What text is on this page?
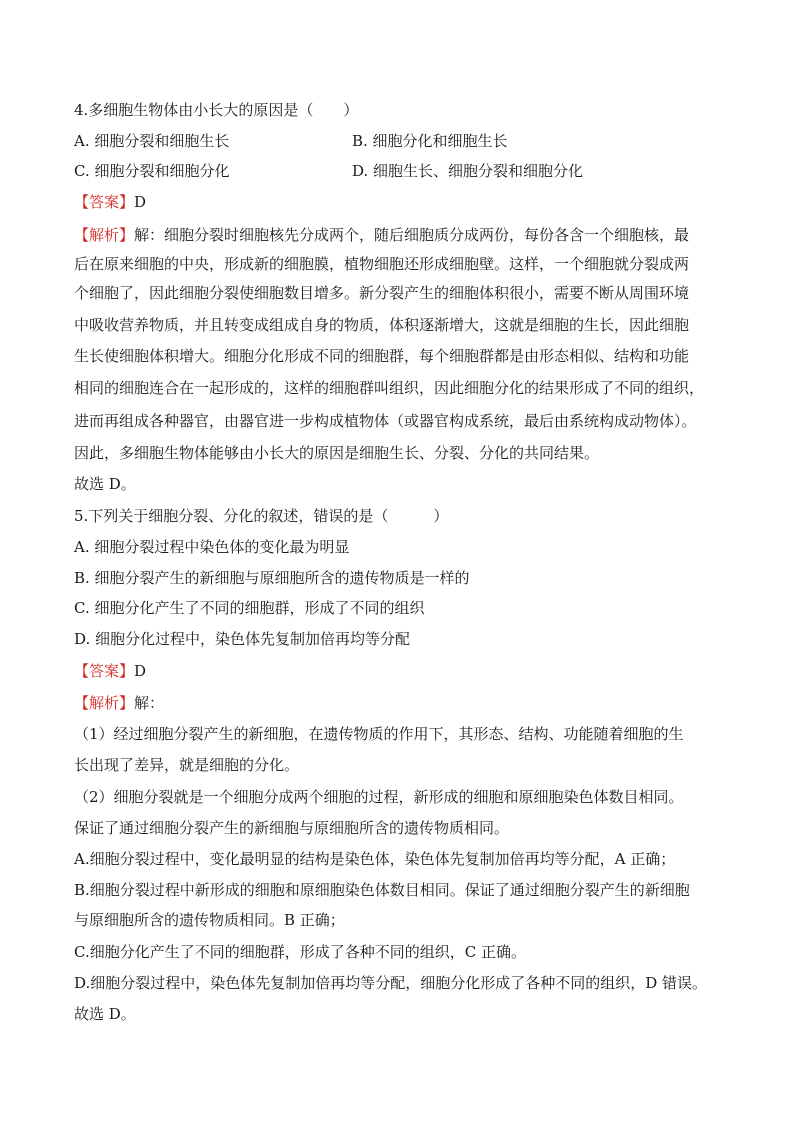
4.多细胞生物体由小长大的原因是（　　）

A. 细胞分裂和细胞生长	B. 细胞分化和细胞生长

C. 细胞分裂和细胞分化	D. 细胞生长、细胞分裂和细胞分化

【答案】D

【解析】解：细胞分裂时细胞核先分成两个，随后细胞质分成两份，每份各含一个细胞核，最

后在原来细胞的中央，形成新的细胞膜，植物细胞还形成细胞壁。这样，一个细胞就分裂成两

个细胞了，因此细胞分裂使细胞数目增多。新分裂产生的细胞体积很小，需要不断从周围环境

中吸收营养物质，并且转变成组成自身的物质，体积逐渐增大，这就是细胞的生长，因此细胞

生长使细胞体积增大。细胞分化形成不同的细胞群，每个细胞群都是由形态相似、结构和功能

相同的细胞连合在一起形成的，这样的细胞群叫组织，因此细胞分化的结果形成了不同的组织，

进而再组成各种器官，由器官进一步构成植物体（或器官构成系统，最后由系统构成动物体）。

因此，多细胞生物体能够由小长大的原因是细胞生长、分裂、分化的共同结果。

故选 D。

5.下列关于细胞分裂、分化的叙述，错误的是（　　　）

A. 细胞分裂过程中染色体的变化最为明显

B. 细胞分裂产生的新细胞与原细胞所含的遗传物质是一样的

C. 细胞分化产生了不同的细胞群，形成了不同的组织

D. 细胞分化过程中，染色体先复制加倍再均等分配

【答案】D

【解析】解：

（1）经过细胞分裂产生的新细胞，在遗传物质的作用下，其形态、结构、功能随着细胞的生

长出现了差异，就是细胞的分化。

（2）细胞分裂就是一个细胞分成两个细胞的过程，新形成的细胞和原细胞染色体数目相同。

保证了通过细胞分裂产生的新细胞与原细胞所含的遗传物质相同。

A.细胞分裂过程中，变化最明显的结构是染色体，染色体先复制加倍再均等分配，A 正确；

B.细胞分裂过程中新形成的细胞和原细胞染色体数目相同。保证了通过细胞分裂产生的新细胞

与原细胞所含的遗传物质相同。B 正确；

C.细胞分化产生了不同的细胞群，形成了各种不同的组织，C 正确。

D.细胞分裂过程中，染色体先复制加倍再均等分配，细胞分化形成了各种不同的组织，D 错误。

故选 D。
